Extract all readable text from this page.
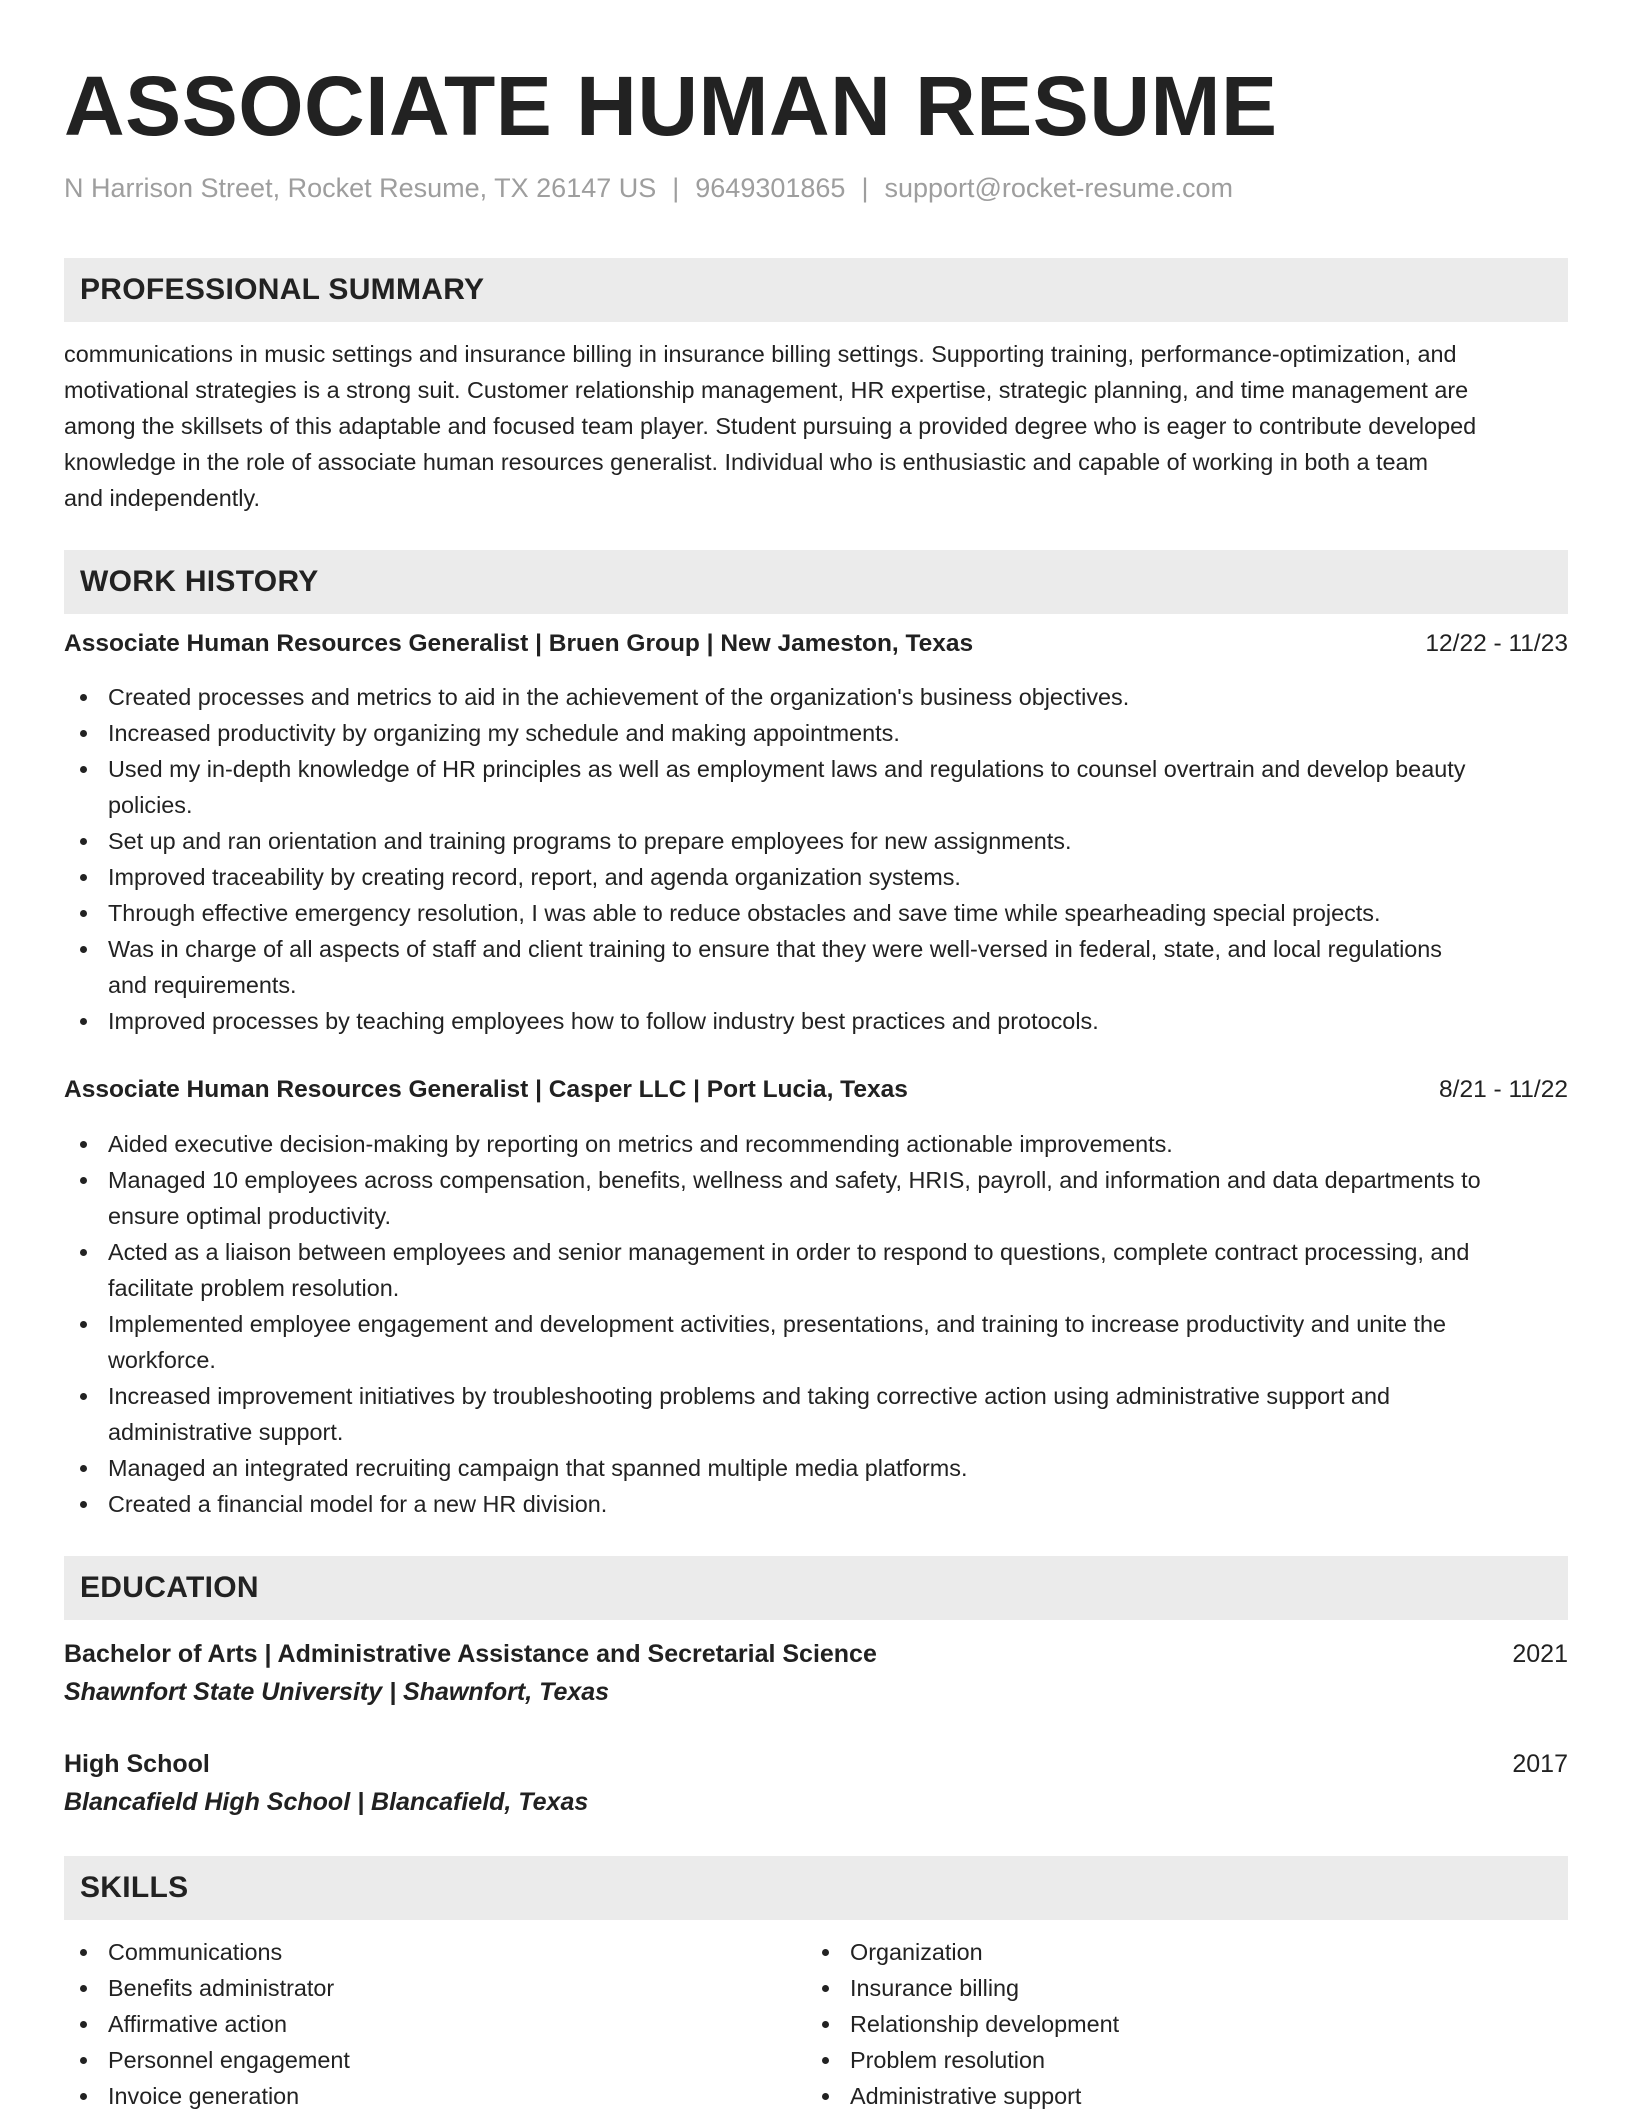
ASSOCIATE HUMAN RESUME
N Harrison Street, Rocket Resume, TX 26147 US | 9649301865 | support@rocket-resume.com
PROFESSIONAL SUMMARY
communications in music settings and insurance billing in insurance billing settings. Supporting training, performance-optimization, and
motivational strategies is a strong suit. Customer relationship management, HR expertise, strategic planning, and time management are
among the skillsets of this adaptable and focused team player. Student pursuing a provided degree who is eager to contribute developed
knowledge in the role of associate human resources generalist. Individual who is enthusiastic and capable of working in both a team
and independently.
WORK HISTORY
Associate Human Resources Generalist | Bruen Group | New Jameston, Texas	12/22 - 11/23
Created processes and metrics to aid in the achievement of the organization's business objectives.
Increased productivity by organizing my schedule and making appointments.
Used my in-depth knowledge of HR principles as well as employment laws and regulations to counsel overtrain and develop beauty
policies.
Set up and ran orientation and training programs to prepare employees for new assignments.
Improved traceability by creating record, report, and agenda organization systems.
Through effective emergency resolution, I was able to reduce obstacles and save time while spearheading special projects.
Was in charge of all aspects of staff and client training to ensure that they were well-versed in federal, state, and local regulations
and requirements.
Improved processes by teaching employees how to follow industry best practices and protocols.
Associate Human Resources Generalist | Casper LLC | Port Lucia, Texas	8/21 - 11/22
Aided executive decision-making by reporting on metrics and recommending actionable improvements.
Managed 10 employees across compensation, benefits, wellness and safety, HRIS, payroll, and information and data departments to
ensure optimal productivity.
Acted as a liaison between employees and senior management in order to respond to questions, complete contract processing, and
facilitate problem resolution.
Implemented employee engagement and development activities, presentations, and training to increase productivity and unite the
workforce.
Increased improvement initiatives by troubleshooting problems and taking corrective action using administrative support and
administrative support.
Managed an integrated recruiting campaign that spanned multiple media platforms.
Created a financial model for a new HR division.
EDUCATION
Bachelor of Arts | Administrative Assistance and Secretarial Science	2021
Shawnfort State University | Shawnfort, Texas
High School	2017
Blancafield High School | Blancafield, Texas
SKILLS
Communications
Benefits administrator
Affirmative action
Personnel engagement
Invoice generation
Organization
Insurance billing
Relationship development
Problem resolution
Administrative support
